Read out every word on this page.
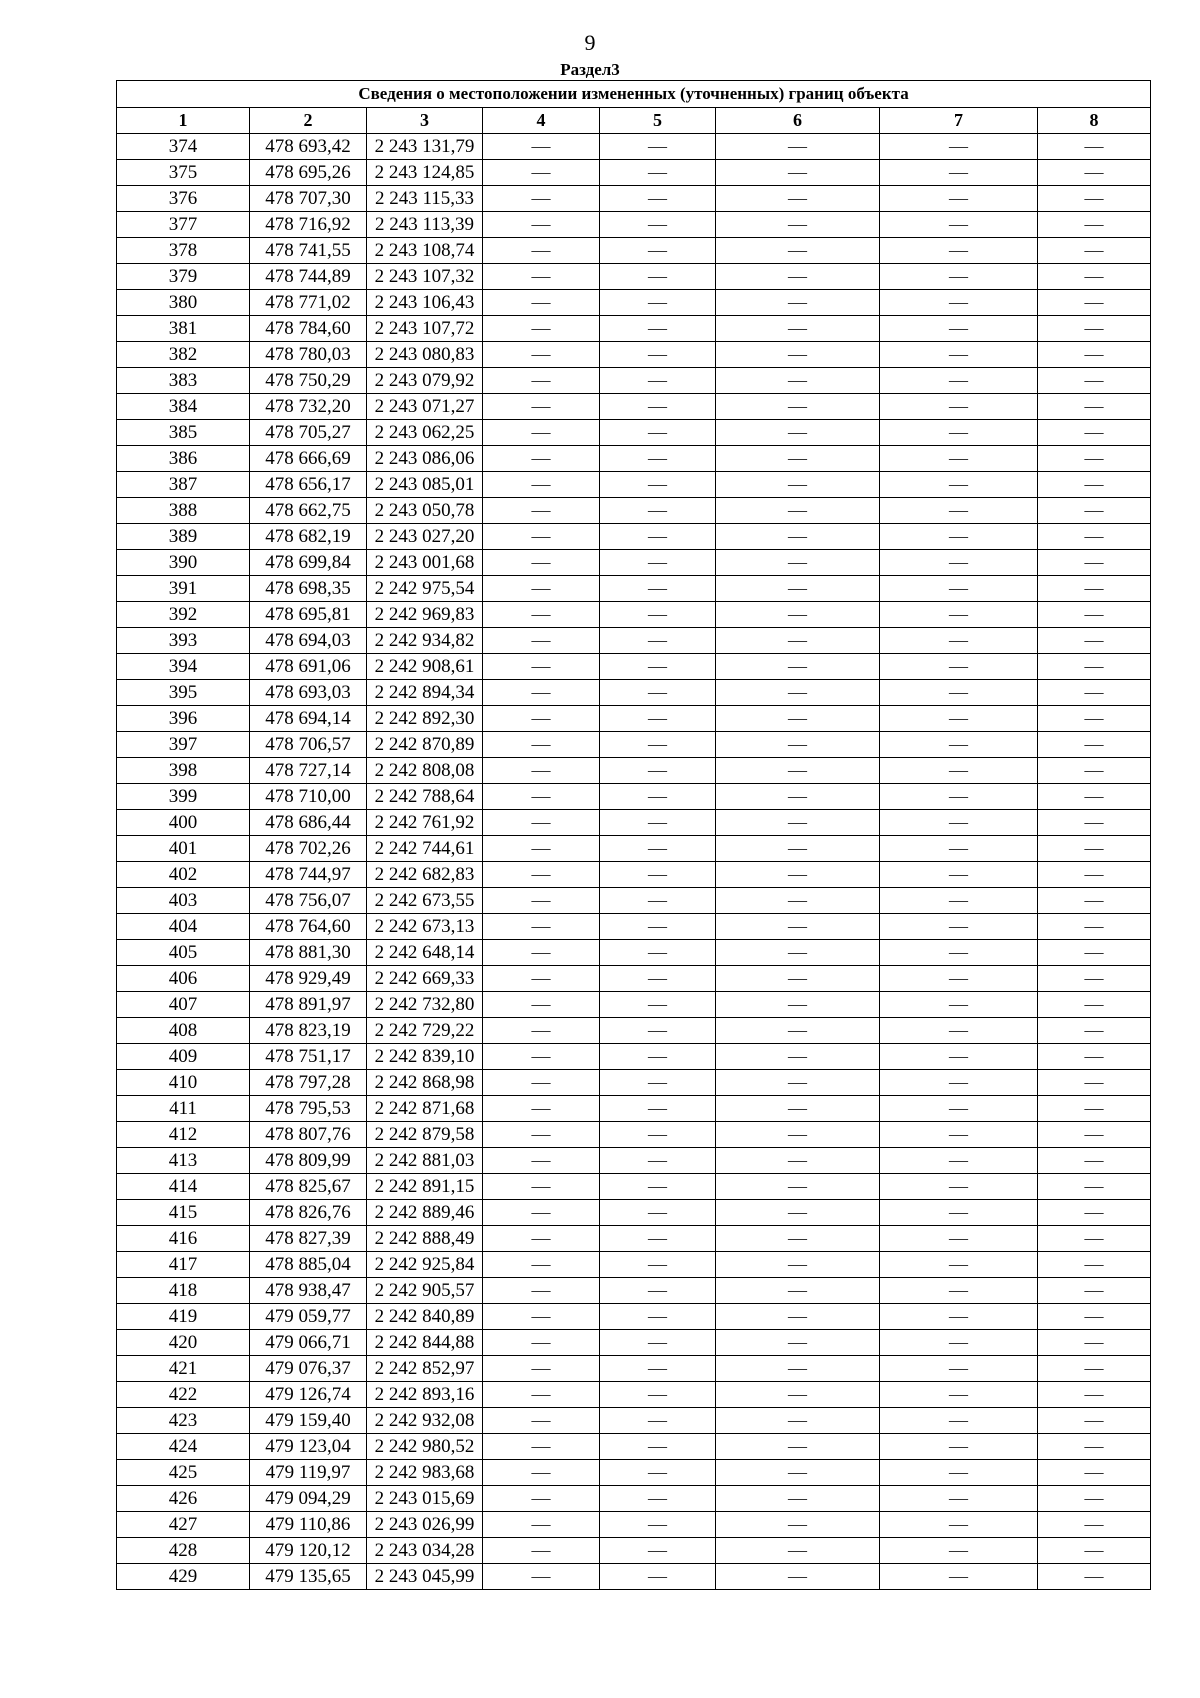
9
Раздел3
Сведения о местоположении измененных (уточненных) границ объекта							
1	2	3	4	5	6	7	8
374	478 693,42	2 243 131,79	—	—	—	—	—
375	478 695,26	2 243 124,85	—	—	—	—	—
376	478 707,30	2 243 115,33	—	—	—	—	—
377	478 716,92	2 243 113,39	—	—	—	—	—
378	478 741,55	2 243 108,74	—	—	—	—	—
379	478 744,89	2 243 107,32	—	—	—	—	—
380	478 771,02	2 243 106,43	—	—	—	—	—
381	478 784,60	2 243 107,72	—	—	—	—	—
382	478 780,03	2 243 080,83	—	—	—	—	—
383	478 750,29	2 243 079,92	—	—	—	—	—
384	478 732,20	2 243 071,27	—	—	—	—	—
385	478 705,27	2 243 062,25	—	—	—	—	—
386	478 666,69	2 243 086,06	—	—	—	—	—
387	478 656,17	2 243 085,01	—	—	—	—	—
388	478 662,75	2 243 050,78	—	—	—	—	—
389	478 682,19	2 243 027,20	—	—	—	—	—
390	478 699,84	2 243 001,68	—	—	—	—	—
391	478 698,35	2 242 975,54	—	—	—	—	—
392	478 695,81	2 242 969,83	—	—	—	—	—
393	478 694,03	2 242 934,82	—	—	—	—	—
394	478 691,06	2 242 908,61	—	—	—	—	—
395	478 693,03	2 242 894,34	—	—	—	—	—
396	478 694,14	2 242 892,30	—	—	—	—	—
397	478 706,57	2 242 870,89	—	—	—	—	—
398	478 727,14	2 242 808,08	—	—	—	—	—
399	478 710,00	2 242 788,64	—	—	—	—	—
400	478 686,44	2 242 761,92	—	—	—	—	—
401	478 702,26	2 242 744,61	—	—	—	—	—
402	478 744,97	2 242 682,83	—	—	—	—	—
403	478 756,07	2 242 673,55	—	—	—	—	—
404	478 764,60	2 242 673,13	—	—	—	—	—
405	478 881,30	2 242 648,14	—	—	—	—	—
406	478 929,49	2 242 669,33	—	—	—	—	—
407	478 891,97	2 242 732,80	—	—	—	—	—
408	478 823,19	2 242 729,22	—	—	—	—	—
409	478 751,17	2 242 839,10	—	—	—	—	—
410	478 797,28	2 242 868,98	—	—	—	—	—
411	478 795,53	2 242 871,68	—	—	—	—	—
412	478 807,76	2 242 879,58	—	—	—	—	—
413	478 809,99	2 242 881,03	—	—	—	—	—
414	478 825,67	2 242 891,15	—	—	—	—	—
415	478 826,76	2 242 889,46	—	—	—	—	—
416	478 827,39	2 242 888,49	—	—	—	—	—
417	478 885,04	2 242 925,84	—	—	—	—	—
418	478 938,47	2 242 905,57	—	—	—	—	—
419	479 059,77	2 242 840,89	—	—	—	—	—
420	479 066,71	2 242 844,88	—	—	—	—	—
421	479 076,37	2 242 852,97	—	—	—	—	—
422	479 126,74	2 242 893,16	—	—	—	—	—
423	479 159,40	2 242 932,08	—	—	—	—	—
424	479 123,04	2 242 980,52	—	—	—	—	—
425	479 119,97	2 242 983,68	—	—	—	—	—
426	479 094,29	2 243 015,69	—	—	—	—	—
427	479 110,86	2 243 026,99	—	—	—	—	—
428	479 120,12	2 243 034,28	—	—	—	—	—
429	479 135,65	2 243 045,99	—	—	—	—	—
